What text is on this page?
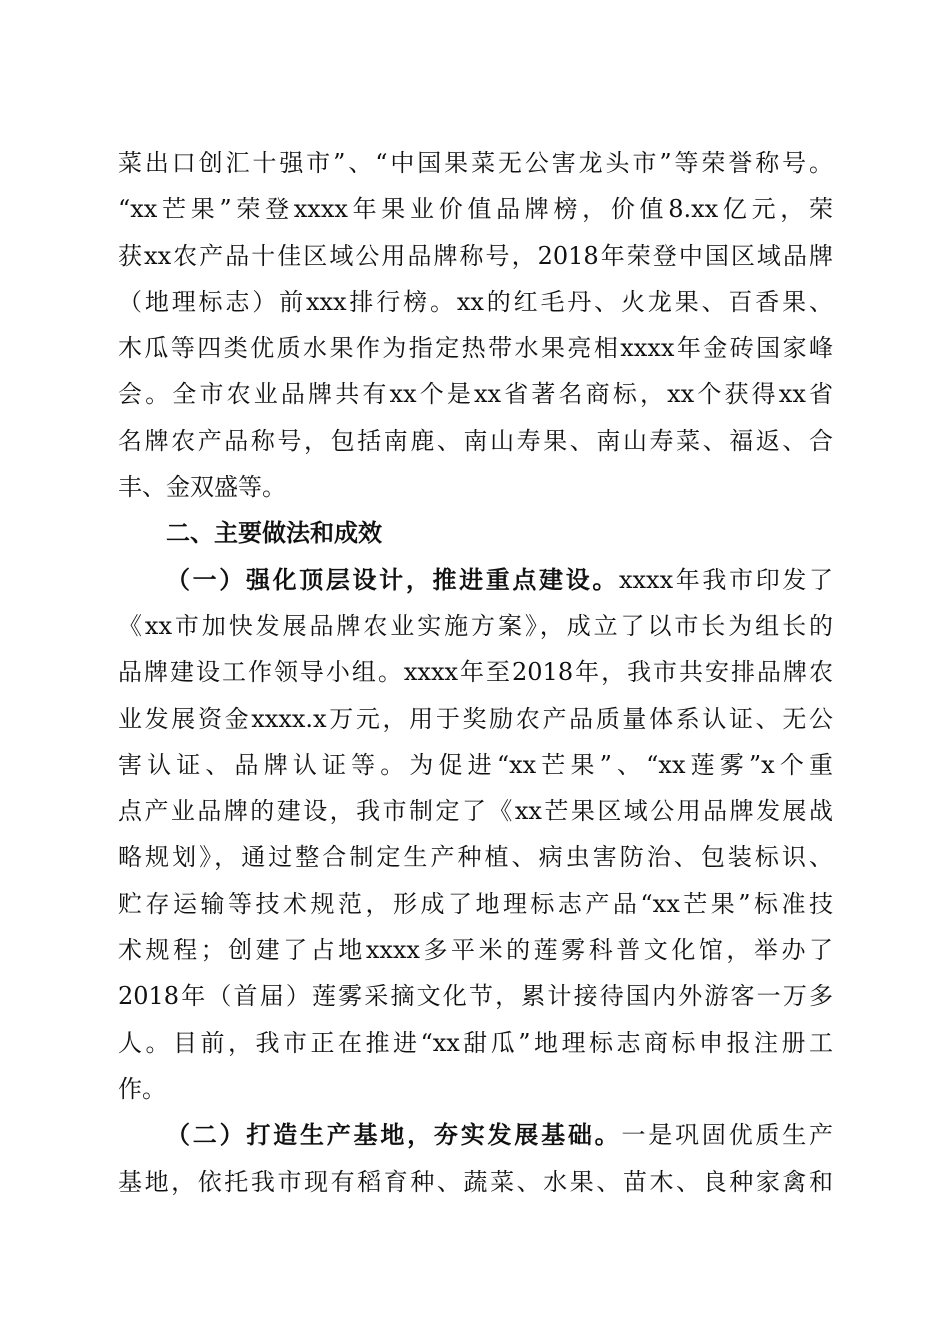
菜出口创汇十强市”、“中国果菜无公害龙头市”等荣誉称号。
“xx芒果”荣登xxxx年果业价值品牌榜，价值8.xx亿元，荣
获xx农产品十佳区域公用品牌称号，2018年荣登中国区域品牌
（地理标志）前xxx排行榜。xx的红毛丹、火龙果、百香果、
木瓜等四类优质水果作为指定热带水果亮相xxxx年金砖国家峰
会。全市农业品牌共有xx个是xx省著名商标，xx个获得xx省
名牌农产品称号，包括南鹿、南山寿果、南山寿菜、福返、合
丰、金双盛等。
二、主要做法和成效
（一）强化顶层设计，推进重点建设。xxxx年我市印发了
《xx市加快发展品牌农业实施方案》，成立了以市长为组长的
品牌建设工作领导小组。xxxx年至2018年，我市共安排品牌农
业发展资金xxxx.x万元，用于奖励农产品质量体系认证、无公
害认证、品牌认证等。为促进“xx芒果”、“xx莲雾”x个重
点产业品牌的建设，我市制定了《xx芒果区域公用品牌发展战
略规划》，通过整合制定生产种植、病虫害防治、包装标识、
贮存运输等技术规范，形成了地理标志产品“xx芒果”标准技
术规程；创建了占地xxxx多平米的莲雾科普文化馆，举办了
2018年（首届）莲雾采摘文化节，累计接待国内外游客一万多
人。目前，我市正在推进“xx甜瓜”地理标志商标申报注册工
作。
（二）打造生产基地，夯实发展基础。一是巩固优质生产
基地，依托我市现有稻育种、蔬菜、水果、苗木、良种家禽和
